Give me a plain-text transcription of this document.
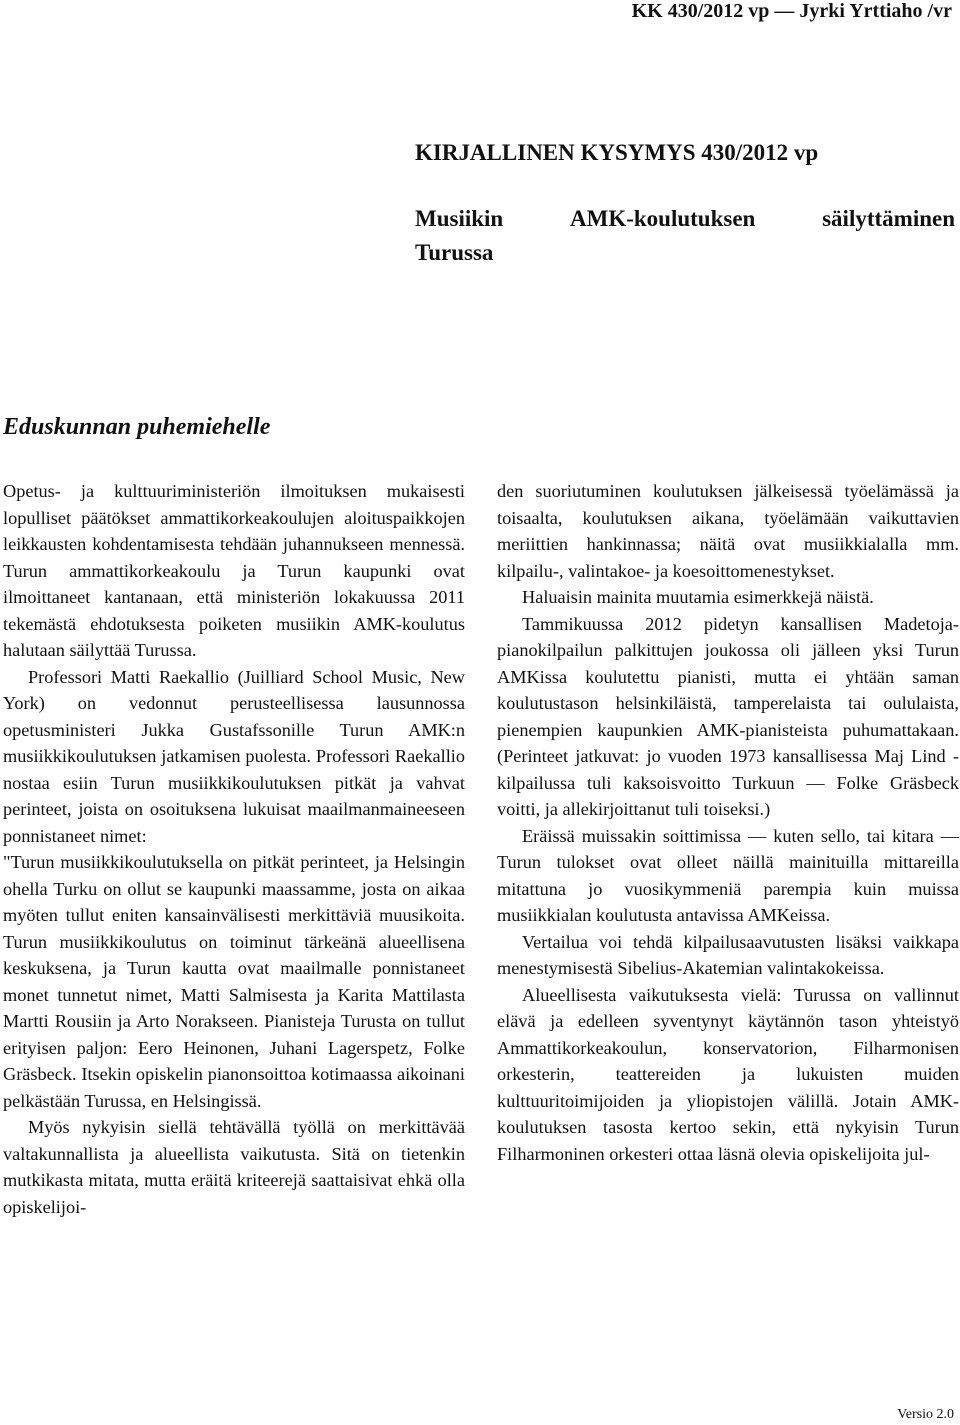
KK 430/2012 vp — Jyrki Yrttiaho /vr
KIRJALLINEN KYSYMYS 430/2012 vp
Musiikin	AMK-koulutuksen	säilyttäminen
Turussa
Eduskunnan puhemiehelle

Opetus- ja kulttuuriministeriön ilmoituksen mukaisesti lopulliset päätökset ammattikorkeakoulujen aloituspaikkojen leikkausten kohdentamisesta tehdään juhannukseen mennessä. Turun ammattikorkeakoulu ja Turun kaupunki ovat ilmoittaneet kantanaan, että ministeriön lokakuussa 2011 tekemästä ehdotuksesta poiketen musiikin AMK-koulutus halutaan säilyttää Turussa.

Professori Matti Raekallio (Juilliard School Music, New York) on vedonnut perusteellisessa lausunnossa opetusministeri Jukka Gustafssonille Turun AMK:n musiikkikoulutuksen jatkamisen puolesta. Professori Raekallio nostaa esiin Turun musiikkikoulutuksen pitkät ja vahvat perinteet, joista on osoituksena lukuisat maailmanmaineeseen ponnistaneet nimet:

"Turun musiikkikoulutuksella on pitkät perinteet, ja Helsingin ohella Turku on ollut se kaupunki maassamme, josta on aikaa myöten tullut eniten kansainvälisesti merkittäviä muusikoita. Turun musiikkikoulutus on toiminut tärkeänä alueellisena keskuksena, ja Turun kautta ovat maailmalle ponnistaneet monet tunnetut nimet, Matti Salmisesta ja Karita Mattilasta Martti Rousiin ja Arto Norakseen. Pianisteja Turusta on tullut erityisen paljon: Eero Heinonen, Juhani Lagerspetz, Folke Gräsbeck. Itsekin opiskelin pianonsoittoa kotimaassa aikoinani pelkästään Turussa, en Helsingissä.

Myös nykyisin siellä tehtävällä työllä on merkittävää valtakunnallista ja alueellista vaikutusta. Sitä on tietenkin mutkikasta mitata, mutta eräitä kriteerejä saattaisivat ehkä olla opiskelijoi-

den suoriutuminen koulutuksen jälkeisessä työelämässä ja toisaalta, koulutuksen aikana, työelämään vaikuttavien meriittien hankinnassa; näitä ovat musiikkialalla mm. kilpailu-, valintakoe- ja koesoittomenestykset.

Haluaisin mainita muutamia esimerkkejä näistä.

Tammikuussa 2012 pidetyn kansallisen Madetoja-pianokilpailun palkittujen joukossa oli jälleen yksi Turun AMKissa koulutettu pianisti, mutta ei yhtään saman koulutustason helsinkiläistä, tamperelaista tai oululaista, pienempien kaupunkien AMK-pianisteista puhumattakaan. (Perinteet jatkuvat: jo vuoden 1973 kansallisessa Maj Lind -kilpailussa tuli kaksoisvoitto Turkuun — Folke Gräsbeck voitti, ja allekirjoittanut tuli toiseksi.)

Eräissä muissakin soittimissa — kuten sello, tai kitara — Turun tulokset ovat olleet näillä mainituilla mittareilla mitattuna jo vuosikymmeniä parempia kuin muissa musiikkialan koulutusta antavissa AMKeissa.

Vertailua voi tehdä kilpailusaavutusten lisäksi vaikkapa menestymisestä Sibelius-Akatemian valintakokeissa.

Alueellisesta vaikutuksesta vielä: Turussa on vallinnut elävä ja edelleen syventynyt käytännön tason yhteistyö Ammattikorkeakoulun, konservatorion, Filharmonisen orkesterin, teattereiden ja lukuisten muiden kulttuuritoimijoiden ja yliopistojen välillä. Jotain AMK-koulutuksen tasosta kertoo sekin, että nykyisin Turun Filharmoninen orkesteri ottaa läsnä olevia opiskelijoita jul-

Versio 2.0
